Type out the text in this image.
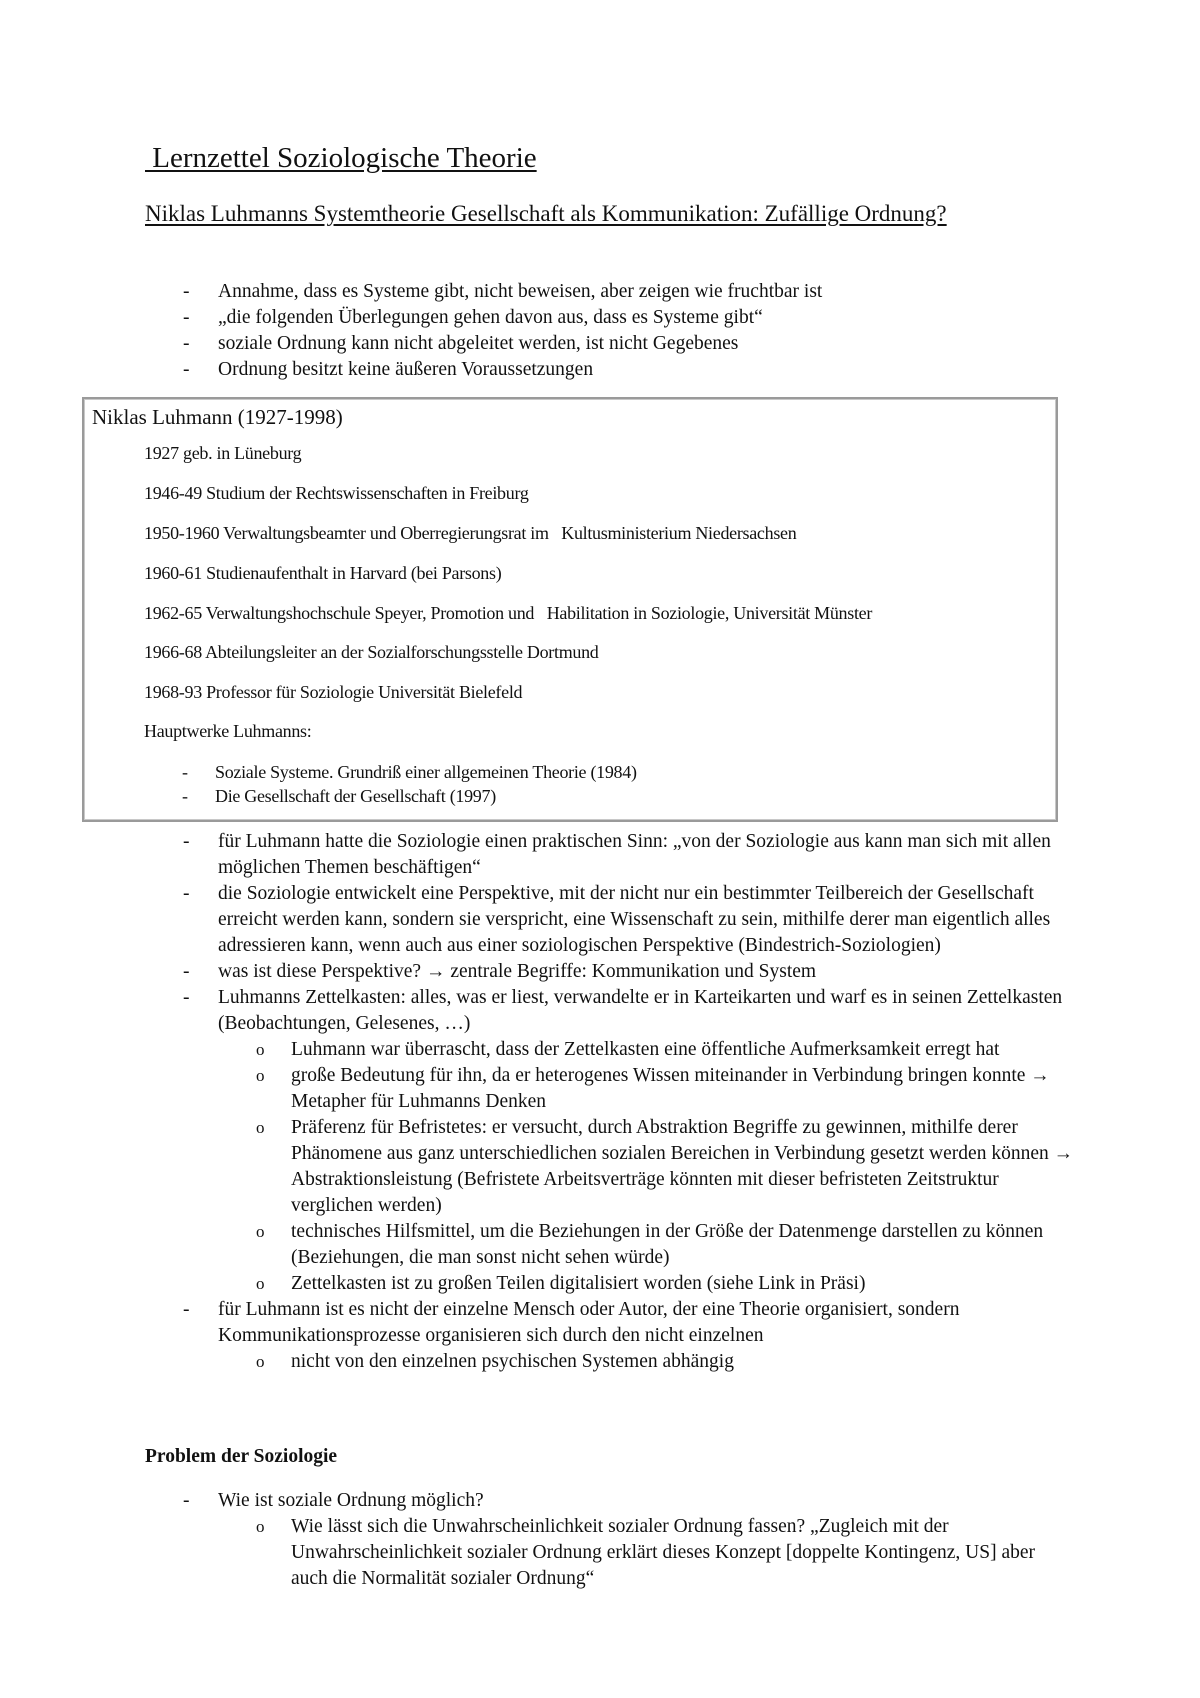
Lernzettel Soziologische Theorie
Niklas Luhmanns Systemtheorie Gesellschaft als Kommunikation: Zufällige Ordnung?
- Annahme, dass es Systeme gibt, nicht beweisen, aber zeigen wie fruchtbar ist
- „die folgenden Überlegungen gehen davon aus, dass es Systeme gibt“
- soziale Ordnung kann nicht abgeleitet werden, ist nicht Gegebenes
- Ordnung besitzt keine äußeren Voraussetzungen
Niklas Luhmann (1927-1998)

1927 geb. in Lüneburg

1946-49 Studium der Rechtswissenschaften in Freiburg

1950-1960 Verwaltungsbeamter und Oberregierungsrat im   Kultusministerium Niedersachsen

1960-61 Studienaufenthalt in Harvard (bei Parsons)

1962-65 Verwaltungshochschule Speyer, Promotion und   Habilitation in Soziologie, Universität Münster

1966-68 Abteilungsleiter an der Sozialforschungsstelle Dortmund

1968-93 Professor für Soziologie Universität Bielefeld

Hauptwerke Luhmanns:

- Soziale Systeme. Grundriß einer allgemeinen Theorie (1984)
- Die Gesellschaft der Gesellschaft (1997)
- für Luhmann hatte die Soziologie einen praktischen Sinn: „von der Soziologie aus kann man sich mit allen möglichen Themen beschäftigen“
- die Soziologie entwickelt eine Perspektive, mit der nicht nur ein bestimmter Teilbereich der Gesellschaft erreicht werden kann, sondern sie verspricht, eine Wissenschaft zu sein, mithilfe derer man eigentlich alles adressieren kann, wenn auch aus einer soziologischen Perspektive (Bindestrich-Soziologien)
- was ist diese Perspektive? → zentrale Begriffe: Kommunikation und System
- Luhmanns Zettelkasten: alles, was er liest, verwandelte er in Karteikarten und warf es in seinen Zettelkasten (Beobachtungen, Gelesenes, …)
o Luhmann war überrascht, dass der Zettelkasten eine öffentliche Aufmerksamkeit erregt hat
o große Bedeutung für ihn, da er heterogenes Wissen miteinander in Verbindung bringen konnte → Metapher für Luhmanns Denken
o Präferenz für Befristetes: er versucht, durch Abstraktion Begriffe zu gewinnen, mithilfe derer Phänomene aus ganz unterschiedlichen sozialen Bereichen in Verbindung gesetzt werden können → Abstraktionsleistung (Befristete Arbeitsverträge könnten mit dieser befristeten Zeitstruktur verglichen werden)
o technisches Hilfsmittel, um die Beziehungen in der Größe der Datenmenge darstellen zu können (Beziehungen, die man sonst nicht sehen würde)
o Zettelkasten ist zu großen Teilen digitalisiert worden (siehe Link in Präsi)
- für Luhmann ist es nicht der einzelne Mensch oder Autor, der eine Theorie organisiert, sondern Kommunikationsprozesse organisieren sich durch den nicht einzelnen
o nicht von den einzelnen psychischen Systemen abhängig
Problem der Soziologie
- Wie ist soziale Ordnung möglich?
o Wie lässt sich die Unwahrscheinlichkeit sozialer Ordnung fassen? „Zugleich mit der Unwahrscheinlichkeit sozialer Ordnung erklärt dieses Konzept [doppelte Kontingenz, US] aber auch die Normalität sozialer Ordnung“
